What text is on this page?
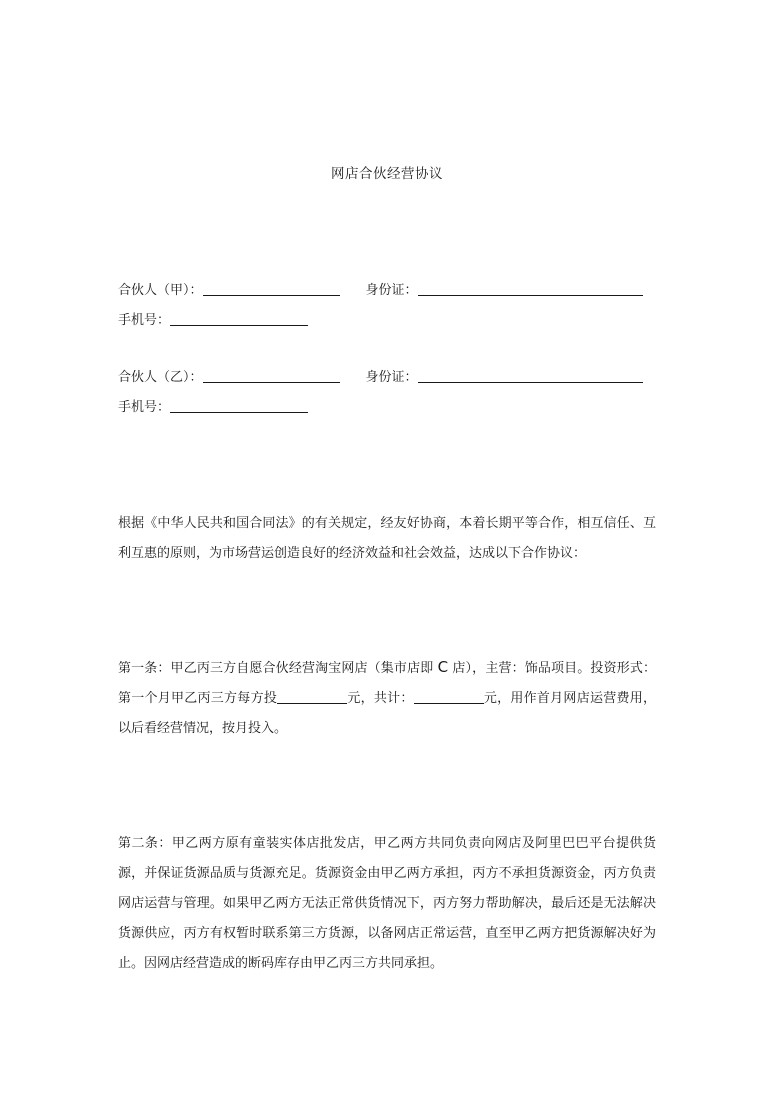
网店合伙经营协议
合伙人（甲）：	身份证：
手机号：
合伙人（乙）：	身份证：
手机号：

根据《中华人民共和国合同法》的有关规定，经友好协商，本着长期平等合作，相互信任、互利互惠的原则，为市场营运创造良好的经济效益和社会效益，达成以下合作协议：

第一条：甲乙丙三方自愿合伙经营淘宝网店（集市店即 C 店），主营：饰品项目。投资形式：第一个月甲乙丙三方每方投	元，共计：	元，用作首月网店运营费用，以后看经营情况，按月投入。

第二条：甲乙两方原有童装实体店批发店，甲乙两方共同负责向网店及阿里巴巴平台提供货源，并保证货源品质与货源充足。货源资金由甲乙两方承担，丙方不承担货源资金，丙方负责网店运营与管理。如果甲乙两方无法正常供货情况下，丙方努力帮助解决，最后还是无法解决货源供应，丙方有权暂时联系第三方货源，以备网店正常运营，直至甲乙两方把货源解决好为止。因网店经营造成的断码库存由甲乙丙三方共同承担。
